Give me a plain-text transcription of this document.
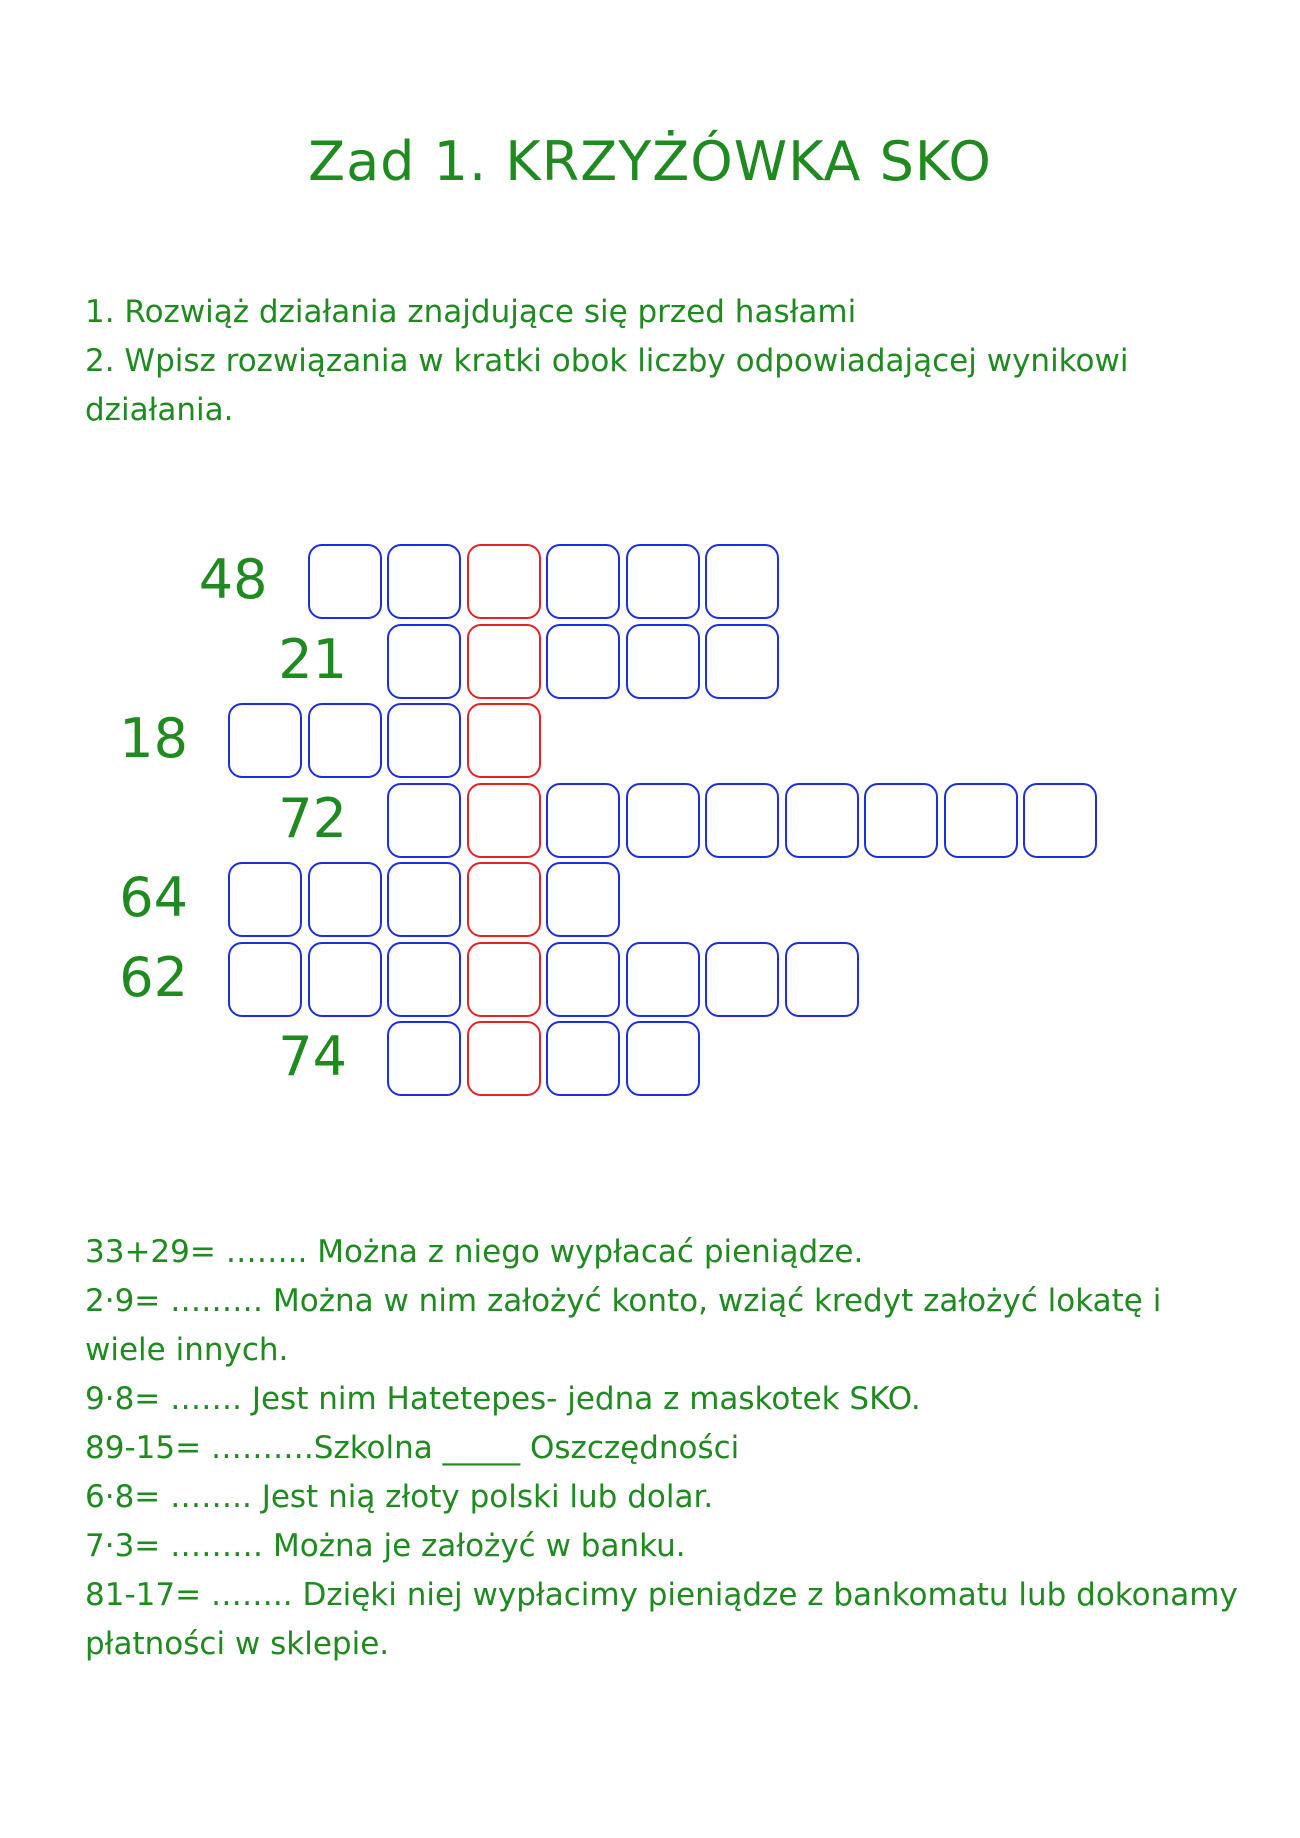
Zad 1. KRZYŻÓWKA SKO

1. Rozwiąż działania znajdujące się przed hasłami

2. Wpisz rozwiązania w kratki obok liczby odpowiadającej wynikowi działania.

48
21
18
72
64
62
74

33+29= …….. Można z niego wypłacać pieniądze.

2·9= ……… Można w nim założyć konto, wziąć kredyt założyć lokatę i wiele innych.

9·8= ……. Jest nim Hatetepes- jedna z maskotek SKO.

89-15= ……….Szkolna _____ Oszczędności

6·8= …….. Jest nią złoty polski lub dolar.

7·3= ……… Można je założyć w banku.

81-17= …….. Dzięki niej wypłacimy pieniądze z bankomatu lub dokonamy płatności w sklepie.
